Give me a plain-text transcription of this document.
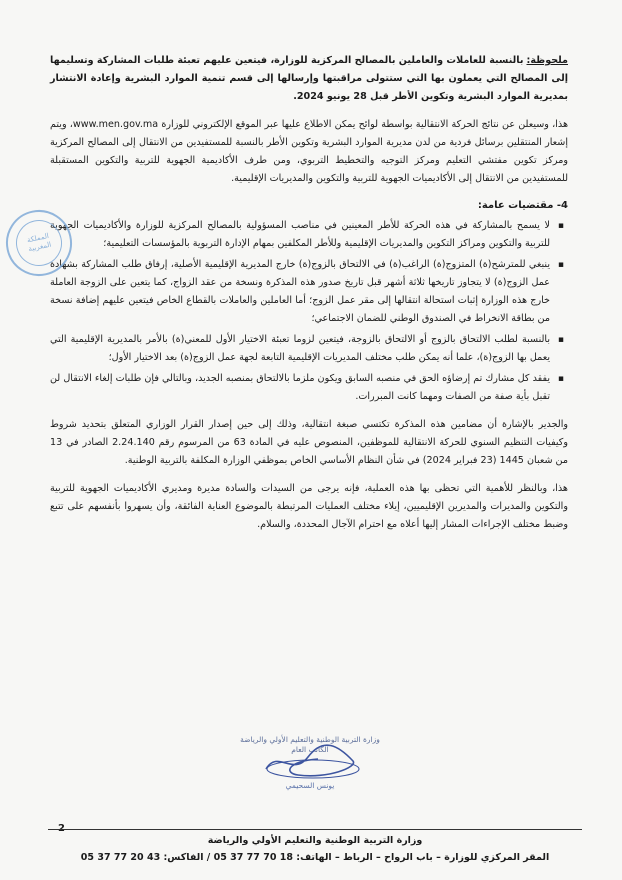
ملحوظة: بالنسبة للعاملات والعاملين بالمصالح المركزية للوزارة، فيتعين عليهم تعبئة طلبات المشاركة وتسليمها إلى المصالح التي يعملون بها التي ستتولى مراقبتها وإرسالها إلى قسم تنمية الموارد البشرية وإعادة الانتشار بمديرية الموارد البشرية وتكوين الأطر قبل 28 يونيو 2024.

هذا، وسيعلن عن نتائج الحركة الانتقالية بواسطة لوائح يمكن الاطلاع عليها عبر الموقع الإلكتروني للوزارة www.men.gov.ma، ويتم إشعار المنتقلين برسائل فردية من لدن مديرية الموارد البشرية وتكوين الأطر بالنسبة للمستفيدين من الانتقال إلى المصالح المركزية ومركز تكوين مفتشي التعليم ومركز التوجيه والتخطيط التربوي، ومن طرف الأكاديمية الجهوية للتربية والتكوين المستقبلة للمستفيدين من الانتقال إلى الأكاديميات الجهوية للتربية والتكوين والمديريات الإقليمية.

4- مقتضيات عامة:
▪
لا يسمح بالمشاركة في هذه الحركة للأطر المعينين في مناصب المسؤولية بالمصالح المركزية للوزارة والأكاديميات الجهوية للتربية والتكوين ومراكز التكوين والمديريات الإقليمية وللأطر المكلفين بمهام الإدارة التربوية بالمؤسسات التعليمية؛
▪
ينبغي للمترشح(ة) المتزوج(ة) الراغب(ة) في الالتحاق بالزوج(ة) خارج المديرية الإقليمية الأصلية، إرفاق طلب المشاركة بشهادة عمل الزوج(ة) لا يتجاوز تاريخها ثلاثة أشهر قبل تاريخ صدور هذه المذكرة ونسخة من عقد الزواج، كما يتعين على الزوجة العاملة خارج هذه الوزارة إثبات استحالة انتقالها إلى مقر عمل الزوج؛ أما العاملين والعاملات بالقطاع الخاص فيتعين عليهم إضافة نسخة من بطاقة الانخراط في الصندوق الوطني للضمان الاجتماعي؛
▪
بالنسبة لطلب الالتحاق بالزوج أو الالتحاق بالزوجة، فيتعين لزوما تعبئة الاختيار الأول للمعني(ة) بالأمر بالمديرية الإقليمية التي يعمل بها الزوج(ة)، علما أنه يمكن طلب مختلف المديريات الإقليمية التابعة لجهة عمل الزوج(ة) بعد الاختيار الأول؛
▪
يفقد كل مشارك تم إرضاؤه الحق في منصبه السابق ويكون ملزما بالالتحاق بمنصبه الجديد، وبالتالي فإن طلبات إلغاء الانتقال لن تقبل بأية صفة من الصفات ومهما كانت المبررات.

والجدير بالإشارة أن مضامين هذه المذكرة تكتسي صبغة انتقالية، وذلك إلى حين إصدار القرار الوزاري المتعلق بتحديد شروط وكيفيات التنظيم السنوي للحركة الانتقالية للموظفين، المنصوص عليه في المادة 63 من المرسوم رقم 2.24.140 الصادر في 13 من شعبان 1445 (23 فبراير 2024) في شأن النظام الأساسي الخاص بموظفي الوزارة المكلفة بالتربية الوطنية.

هذا، وبالنظر للأهمية التي تحظى بها هذه العملية، فإنه يرجى من السيدات والسادة مديرة ومديري الأكاديميات الجهوية للتربية والتكوين والمديرات والمديرين الإقليميين، إيلاء مختلف العمليات المرتبطة بالموضوع العناية الفائقة، وأن يسهروا بأنفسهم على تتبع وضبط مختلف الإجراءات المشار إليها أعلاه مع احترام الآجال المحددة، والسلام.

المملكة المغربية
وزارة التربية الوطنية والتعليم الأولي والرياضة
الكاتب العام
يونس السحيمي
2
وزارة التربية الوطنية والتعليم الأولي والرياضة
المقر المركزي للوزارة – باب الرواح – الرباط – الهاتف: 18 70 77 37 05 / الفاكس: 43 20 77 37 05
